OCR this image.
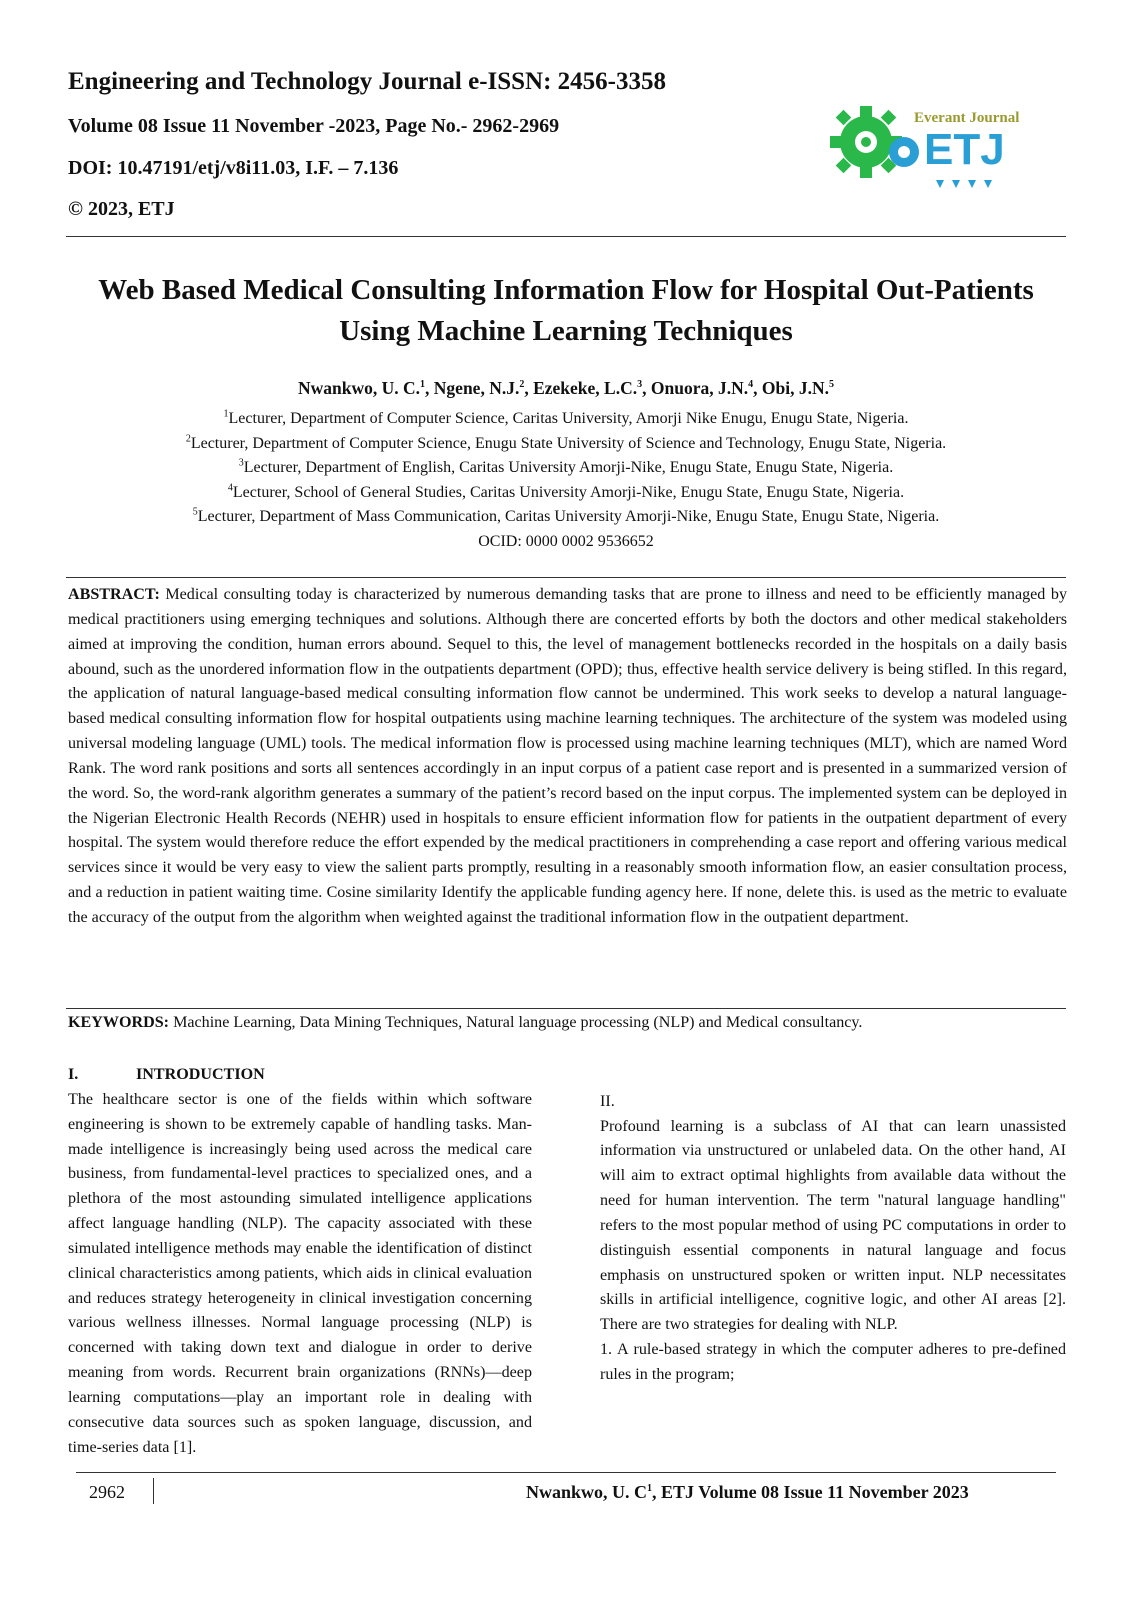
Engineering and Technology Journal e-ISSN: 2456-3358
Volume 08 Issue 11 November -2023, Page No.- 2962-2969
DOI: 10.47191/etj/v8i11.03, I.F. – 7.136
© 2023, ETJ
Everant Journal
ETJ
Web Based Medical Consulting Information Flow for Hospital Out-Patients
Using Machine Learning Techniques
Nwankwo, U. C.$^1$, Ngene, N.J.$^2$, Ezekeke, L.C.$^3$, Onuora, J.N.$^4$, Obi, J.N.$^5$
$^1$Lecturer, Department of Computer Science, Caritas University, Amorji Nike Enugu, Enugu State, Nigeria.
$^2$Lecturer, Department of Computer Science, Enugu State University of Science and Technology, Enugu State, Nigeria.
$^3$Lecturer, Department of English, Caritas University Amorji-Nike, Enugu State, Enugu State, Nigeria.
$^4$Lecturer, School of General Studies, Caritas University Amorji-Nike, Enugu State, Enugu State, Nigeria.
$^5$Lecturer, Department of Mass Communication, Caritas University Amorji-Nike, Enugu State, Enugu State, Nigeria.
OCID: 0000 0002 9536652
ABSTRACT: Medical consulting today is characterized by numerous demanding tasks that are prone to illness and need to be efficiently managed by medical practitioners using emerging techniques and solutions. Although there are concerted efforts by both the doctors and other medical stakeholders aimed at improving the condition, human errors abound. Sequel to this, the level of management bottlenecks recorded in the hospitals on a daily basis abound, such as the unordered information flow in the outpatients department (OPD); thus, effective health service delivery is being stifled. In this regard, the application of natural language-based medical consulting information flow cannot be undermined. This work seeks to develop a natural language-based medical consulting information flow for hospital outpatients using machine learning techniques. The architecture of the system was modeled using universal modeling language (UML) tools. The medical information flow is processed using machine learning techniques (MLT), which are named Word Rank. The word rank positions and sorts all sentences accordingly in an input corpus of a patient case report and is presented in a summarized version of the word. So, the word-rank algorithm generates a summary of the patient’s record based on the input corpus. The implemented system can be deployed in the Nigerian Electronic Health Records (NEHR) used in hospitals to ensure efficient information flow for patients in the outpatient department of every hospital. The system would therefore reduce the effort expended by the medical practitioners in comprehending a case report and offering various medical services since it would be very easy to view the salient parts promptly, resulting in a reasonably smooth information flow, an easier consultation process, and a reduction in patient waiting time. Cosine similarity Identify the applicable funding agency here. If none, delete this. is used as the metric to evaluate the accuracy of the output from the algorithm when weighted against the traditional information flow in the outpatient department.
KEYWORDS: Machine Learning, Data Mining Techniques, Natural language processing (NLP) and Medical consultancy.
I.	INTRODUCTION
The healthcare sector is one of the fields within which software engineering is shown to be extremely capable of handling tasks. Man-made intelligence is increasingly being used across the medical care business, from fundamental-level practices to specialized ones, and a plethora of the most astounding simulated intelligence applications affect language handling (NLP). The capacity associated with these simulated intelligence methods may enable the identification of distinct clinical characteristics among patients, which aids in clinical evaluation and reduces strategy heterogeneity in clinical investigation concerning various wellness illnesses. Normal language processing (NLP) is concerned with taking down text and dialogue in order to derive meaning from words. Recurrent brain organizations (RNNs)—deep learning computations—play an important role in dealing with consecutive data sources such as spoken language, discussion, and time-series data [1].
II.
Profound learning is a subclass of AI that can learn unassisted information via unstructured or unlabeled data. On the other hand, AI will aim to extract optimal highlights from available data without the need for human intervention. The term "natural language handling" refers to the most popular method of using PC computations in order to distinguish essential components in natural language and focus emphasis on unstructured spoken or written input. NLP necessitates skills in artificial intelligence, cognitive logic, and other AI areas [2]. There are two strategies for dealing with NLP.
1. A rule-based strategy in which the computer adheres to pre-defined rules in the program;
2962	Nwankwo, U. $C^1$, ETJ Volume 08 Issue 11 November 2023
